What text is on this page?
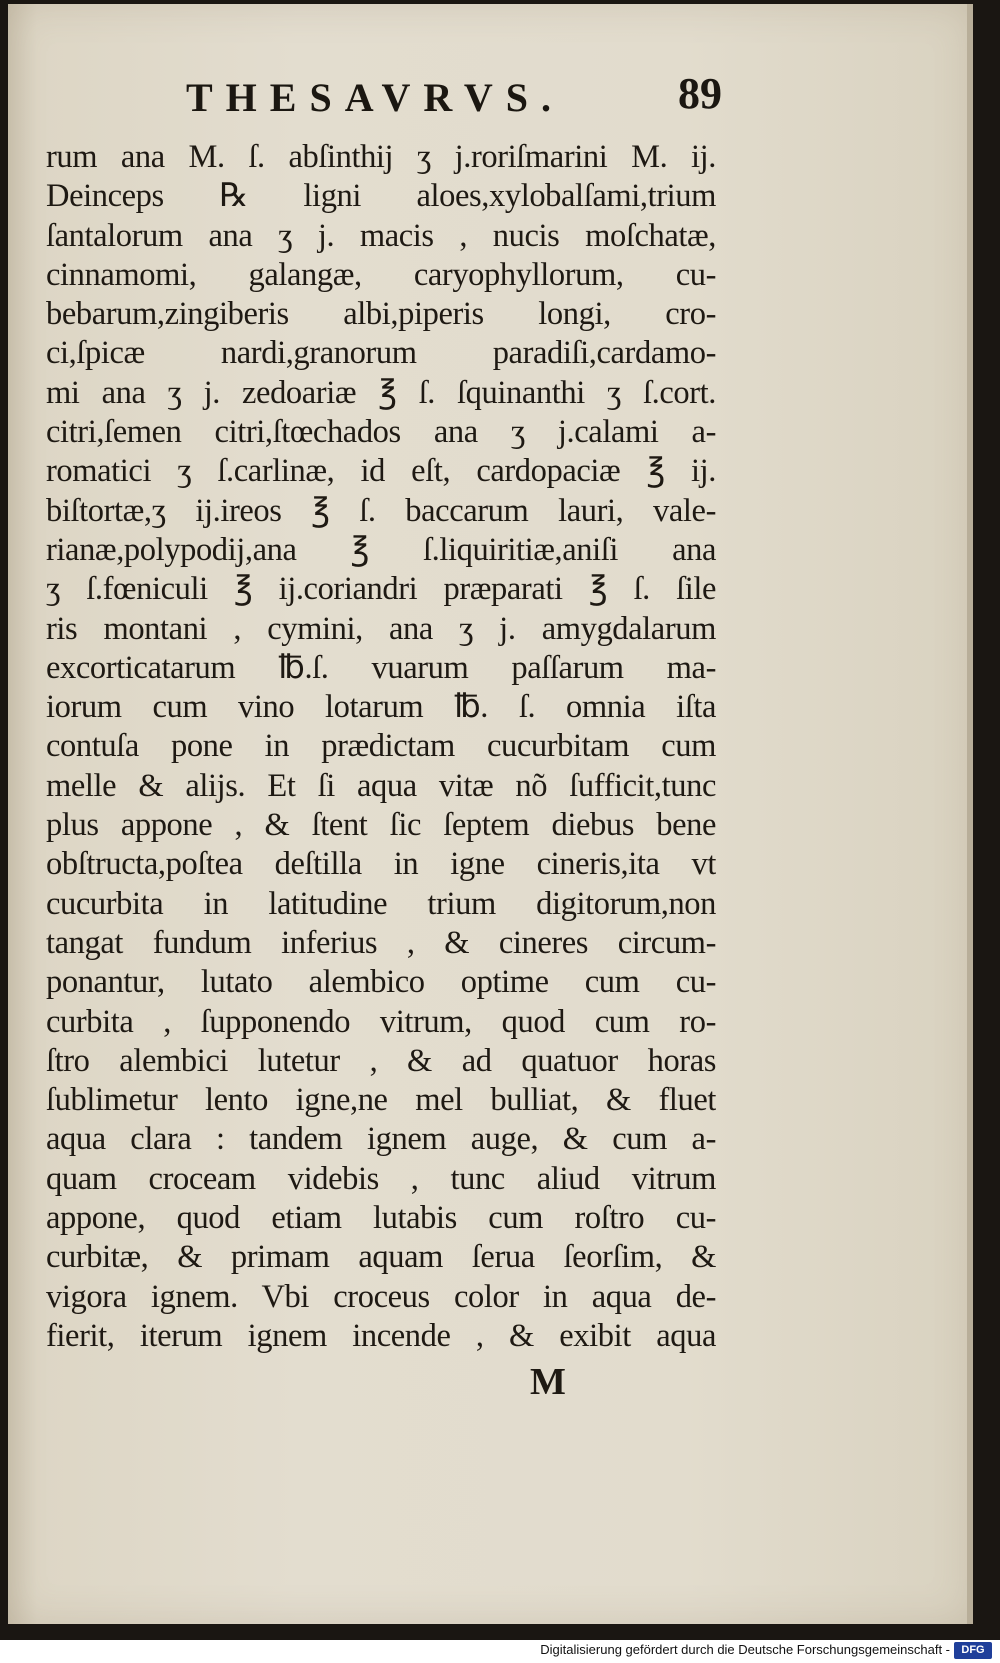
THESAVRVS.	89
rum ana M. ſ. abſinthij ʒ j.roriſmarini M. ij.
Deinceps ℞ ligni aloes,xylobalſami,trium
ſantalorum ana ʒ j. macis , nucis moſchatæ,
cinnamomi, galangæ, caryophyllorum, cu-
bebarum,zingiberis albi,piperis longi, cro-
ci,ſpicæ nardi,granorum paradiſi,cardamo-
mi ana ʒ j. zedoariæ ℥ ſ. ſquinanthi ʒ ſ.cort.
citri,ſemen citri,ſtœchados ana ʒ j.calami a-
romatici ʒ ſ.carlinæ, id eſt, cardopaciæ ℥ ij.
biſtortæ,ʒ ij.ireos ℥ ſ. baccarum lauri, vale-
rianæ,polypodij,ana ℥ ſ.liquiritiæ,aniſi ana
ʒ ſ.fœniculi ℥ ij.coriandri præparati ℥ ſ. ſile
ris montani , cymini, ana ʒ j. amygdalarum
excorticatarum ℔.ſ. vuarum paſſarum ma-
iorum cum vino lotarum ℔. ſ. omnia iſta
contuſa pone in prædictam cucurbitam cum
melle & alijs. Et ſi aqua vitæ nõ ſufficit,tunc
plus appone , & ſtent ſic ſeptem diebus bene
obſtructa,poſtea deſtilla in igne cineris,ita vt
cucurbita in latitudine trium digitorum,non
tangat fundum inferius , & cineres circum-
ponantur, lutato alembico optime cum cu-
curbita , ſupponendo vitrum, quod cum ro-
ſtro alembici lutetur , & ad quatuor horas
ſublimetur lento igne,ne mel bulliat, & fluet
aqua clara : tandem ignem auge, & cum a-
quam croceam videbis , tunc aliud vitrum
appone, quod etiam lutabis cum roſtro cu-
curbitæ, & primam aquam ſerua ſeorſim, &
vigora ignem. Vbi croceus color in aqua de-
fierit, iterum ignem incende , & exibit aqua
M
Digitalisierung gefördert durch die Deutsche Forschungsgemeinschaft -	DFG
